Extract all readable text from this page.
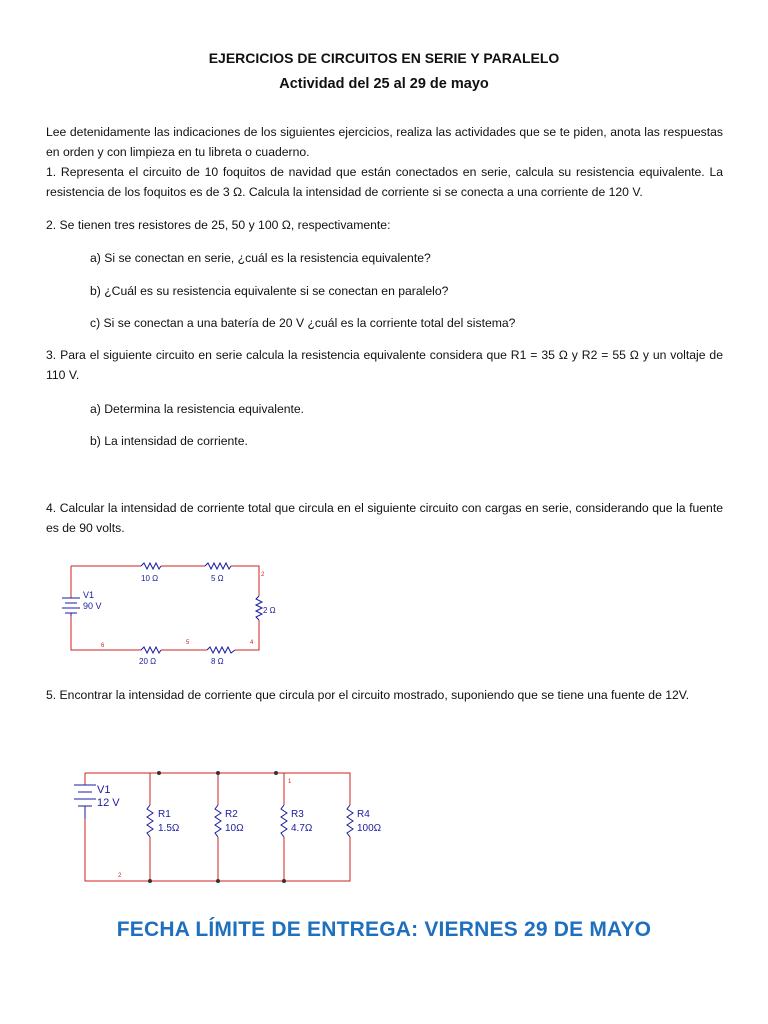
EJERCICIOS DE CIRCUITOS EN SERIE Y PARALELO
Actividad del 25 al 29 de mayo
Lee detenidamente las indicaciones de los siguientes ejercicios, realiza las actividades que se te piden, anota las respuestas en orden y con limpieza en tu libreta o cuaderno.
1. Representa el circuito de 10 foquitos de navidad que están conectados en serie, calcula su resistencia equivalente. La resistencia de los foquitos es de 3 Ω. Calcula la intensidad de corriente si se conecta a una corriente de 120 V.
2. Se tienen tres resistores de 25, 50 y 100 Ω, respectivamente:
a) Si se conectan en serie, ¿cuál es la resistencia equivalente?
b) ¿Cuál es su resistencia equivalente si se conectan en paralelo?
c) Si se conectan a una batería de 20 V ¿cuál es la corriente total del sistema?
3. Para el siguiente circuito en serie calcula la resistencia equivalente considera que R1 = 35 Ω y R2 = 55 Ω y un voltaje de 110 V.
a) Determina la resistencia equivalente.
b) La intensidad de corriente.
4. Calcular la intensidad de corriente total que circula en el siguiente circuito con cargas en serie, considerando que la fuente es de 90 volts.
V1
90 V
10 Ω	5 Ω
2 Ω
20 Ω	8 Ω
2
4
5
6
5. Encontrar la intensidad de corriente que circula por el circuito mostrado, suponiendo que se tiene una fuente de 12V.
V1
12 V
R1
1.5Ω
R2
10Ω
R3
4.7Ω
R4
100Ω
1
2
FECHA LÍMITE DE ENTREGA: VIERNES 29 DE MAYO
